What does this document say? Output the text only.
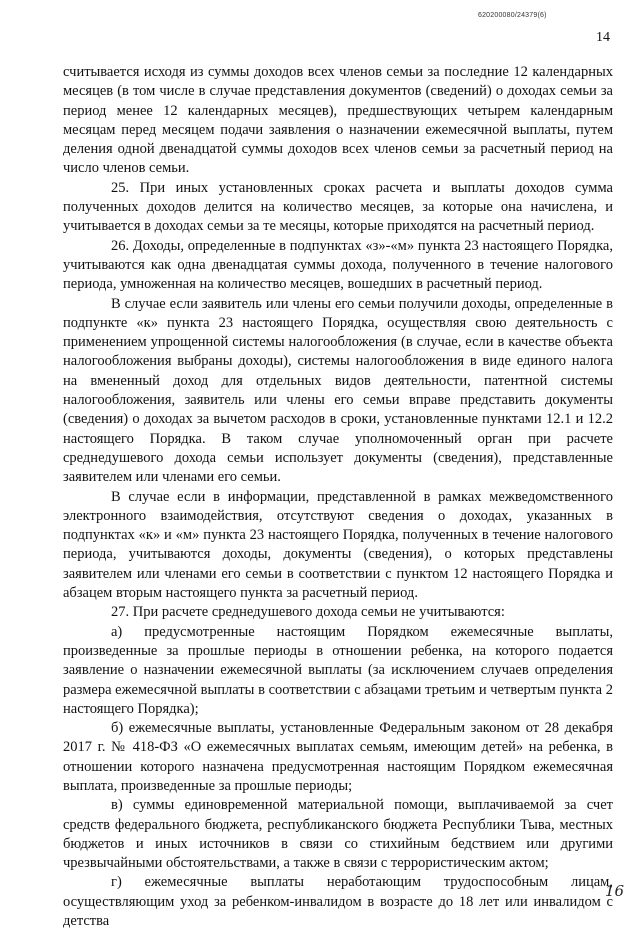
620200080/24379(6)
14

считывается исходя из суммы доходов всех членов семьи за последние 12 календарных месяцев (в том числе в случае представления документов (сведений) о доходах семьи за период менее 12 календарных месяцев), предшествующих четырем календарным месяцам перед месяцем подачи заявления о назначении ежемесячной выплаты, путем деления одной двенадцатой суммы доходов всех членов семьи за расчетный период на число членов семьи.

25. При иных установленных сроках расчета и выплаты доходов сумма полученных доходов делится на количество месяцев, за которые она начислена, и учитывается в доходах семьи за те месяцы, которые приходятся на расчетный период.

26. Доходы, определенные в подпунктах «з»-«м» пункта 23 настоящего Порядка, учитываются как одна двенадцатая суммы дохода, полученного в течение налогового периода, умноженная на количество месяцев, вошедших в расчетный период.

В случае если заявитель или члены его семьи получили доходы, определенные в подпункте «к» пункта 23 настоящего Порядка, осуществляя свою деятельность с применением упрощенной системы налогообложения (в случае, если в качестве объекта налогообложения выбраны доходы), системы налогообложения в виде единого налога на вмененный доход для отдельных видов деятельности, патентной системы налогообложения, заявитель или члены его семьи вправе представить документы (сведения) о доходах за вычетом расходов в сроки, установленные пунктами 12.1 и 12.2 настоящего Порядка. В таком случае уполномоченный орган при расчете среднедушевого дохода семьи использует документы (сведения), представленные заявителем или членами его семьи.

В случае если в информации, представленной в рамках межведомственного электронного взаимодействия, отсутствуют сведения о доходах, указанных в подпунктах «к» и «м» пункта 23 настоящего Порядка, полученных в течение налогового периода, учитываются доходы, документы (сведения), о которых представлены заявителем или членами его семьи в соответствии с пунктом 12 настоящего Порядка и абзацем вторым настоящего пункта за расчетный период.

27. При расчете среднедушевого дохода семьи не учитываются:

а) предусмотренные настоящим Порядком ежемесячные выплаты, произведенные за прошлые периоды в отношении ребенка, на которого подается заявление о назначении ежемесячной выплаты (за исключением случаев определения размера ежемесячной выплаты в соответствии с абзацами третьим и четвертым пункта 2 настоящего Порядка);

б) ежемесячные выплаты, установленные Федеральным законом от 28 декабря 2017 г. № 418-ФЗ «О ежемесячных выплатах семьям, имеющим детей» на ребенка, в отношении которого назначена предусмотренная настоящим Порядком ежемесячная выплата, произведенные за прошлые периоды;

в) суммы единовременной материальной помощи, выплачиваемой за счет средств федерального бюджета, республиканского бюджета Республики Тыва, местных бюджетов и иных источников в связи со стихийным бедствием или другими чрезвычайными обстоятельствами, а также в связи с террористическим актом;

г) ежемесячные выплаты неработающим трудоспособным лицам, осуществляющим уход за ребенком-инвалидом в возрасте до 18 лет или инвалидом с детства

16
